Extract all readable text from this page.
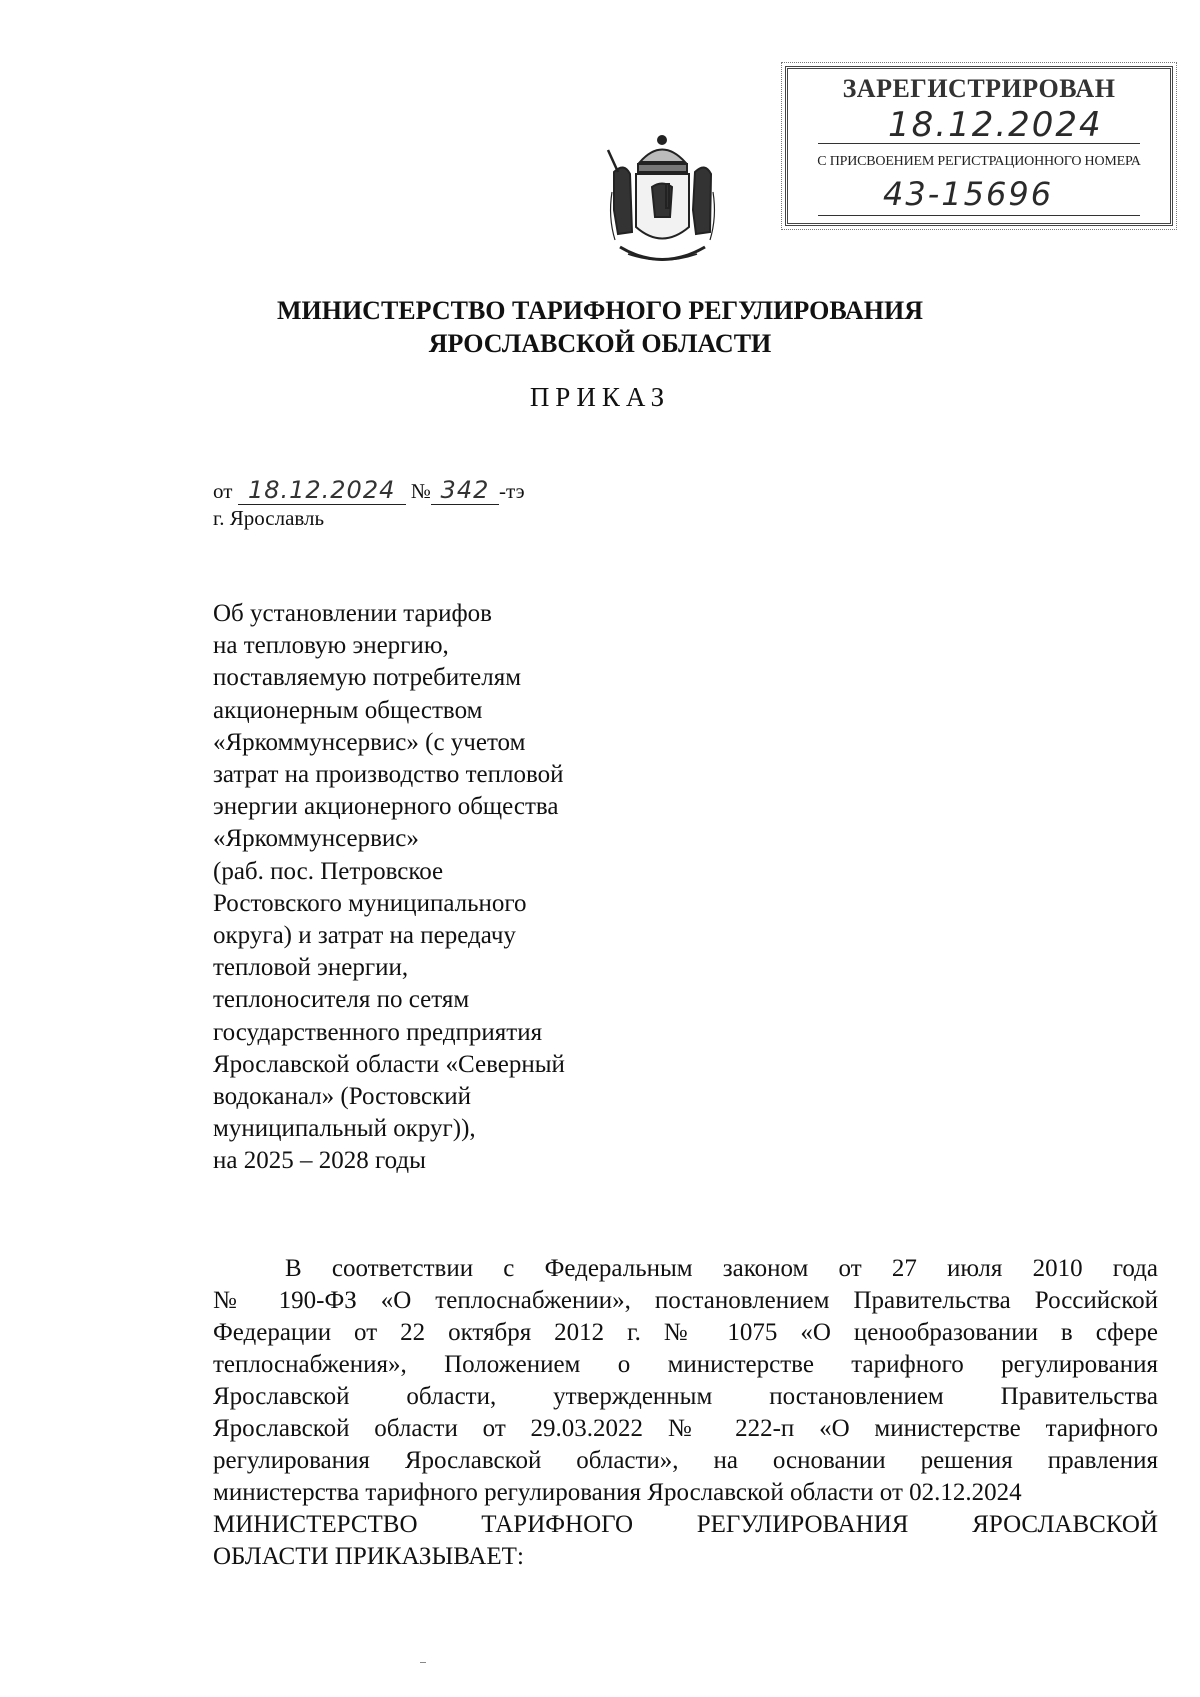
ЗАРЕГИСТРИРОВАН
18.12.2024
С ПРИСВОЕНИЕМ РЕГИСТРАЦИОННОГО НОМЕРА
43-15696
МИНИСТЕРСТВО ТАРИФНОГО РЕГУЛИРОВАНИЯ
ЯРОСЛАВСКОЙ ОБЛАСТИ
ПРИКАЗ
от 18.12.2024 № 342 -тэ
г. Ярославль
Об установлении тарифов
на тепловую энергию,
поставляемую потребителям
акционерным обществом
«Яркоммунсервис» (с учетом
затрат на производство тепловой
энергии акционерного общества
«Яркоммунсервис»
(раб. пос. Петровское
Ростовского муниципального
округа) и затрат на передачу
тепловой энергии,
теплоносителя по сетям
государственного предприятия
Ярославской области «Северный
водоканал» (Ростовский
муниципальный округ)),
на 2025 – 2028 годы
В соответствии с Федеральным законом от 27 июля 2010 года
№ 190-ФЗ «О теплоснабжении», постановлением Правительства Российской
Федерации от 22 октября 2012 г. № 1075 «О ценообразовании в сфере
теплоснабжения», Положением о министерстве тарифного регулирования
Ярославской области, утвержденным постановлением Правительства
Ярославской области от 29.03.2022 № 222-п «О министерстве тарифного
регулирования Ярославской области», на основании решения правления
министерства тарифного регулирования Ярославской области от 02.12.2024
МИНИСТЕРСТВО ТАРИФНОГО РЕГУЛИРОВАНИЯ ЯРОСЛАВСКОЙ
ОБЛАСТИ ПРИКАЗЫВАЕТ:
